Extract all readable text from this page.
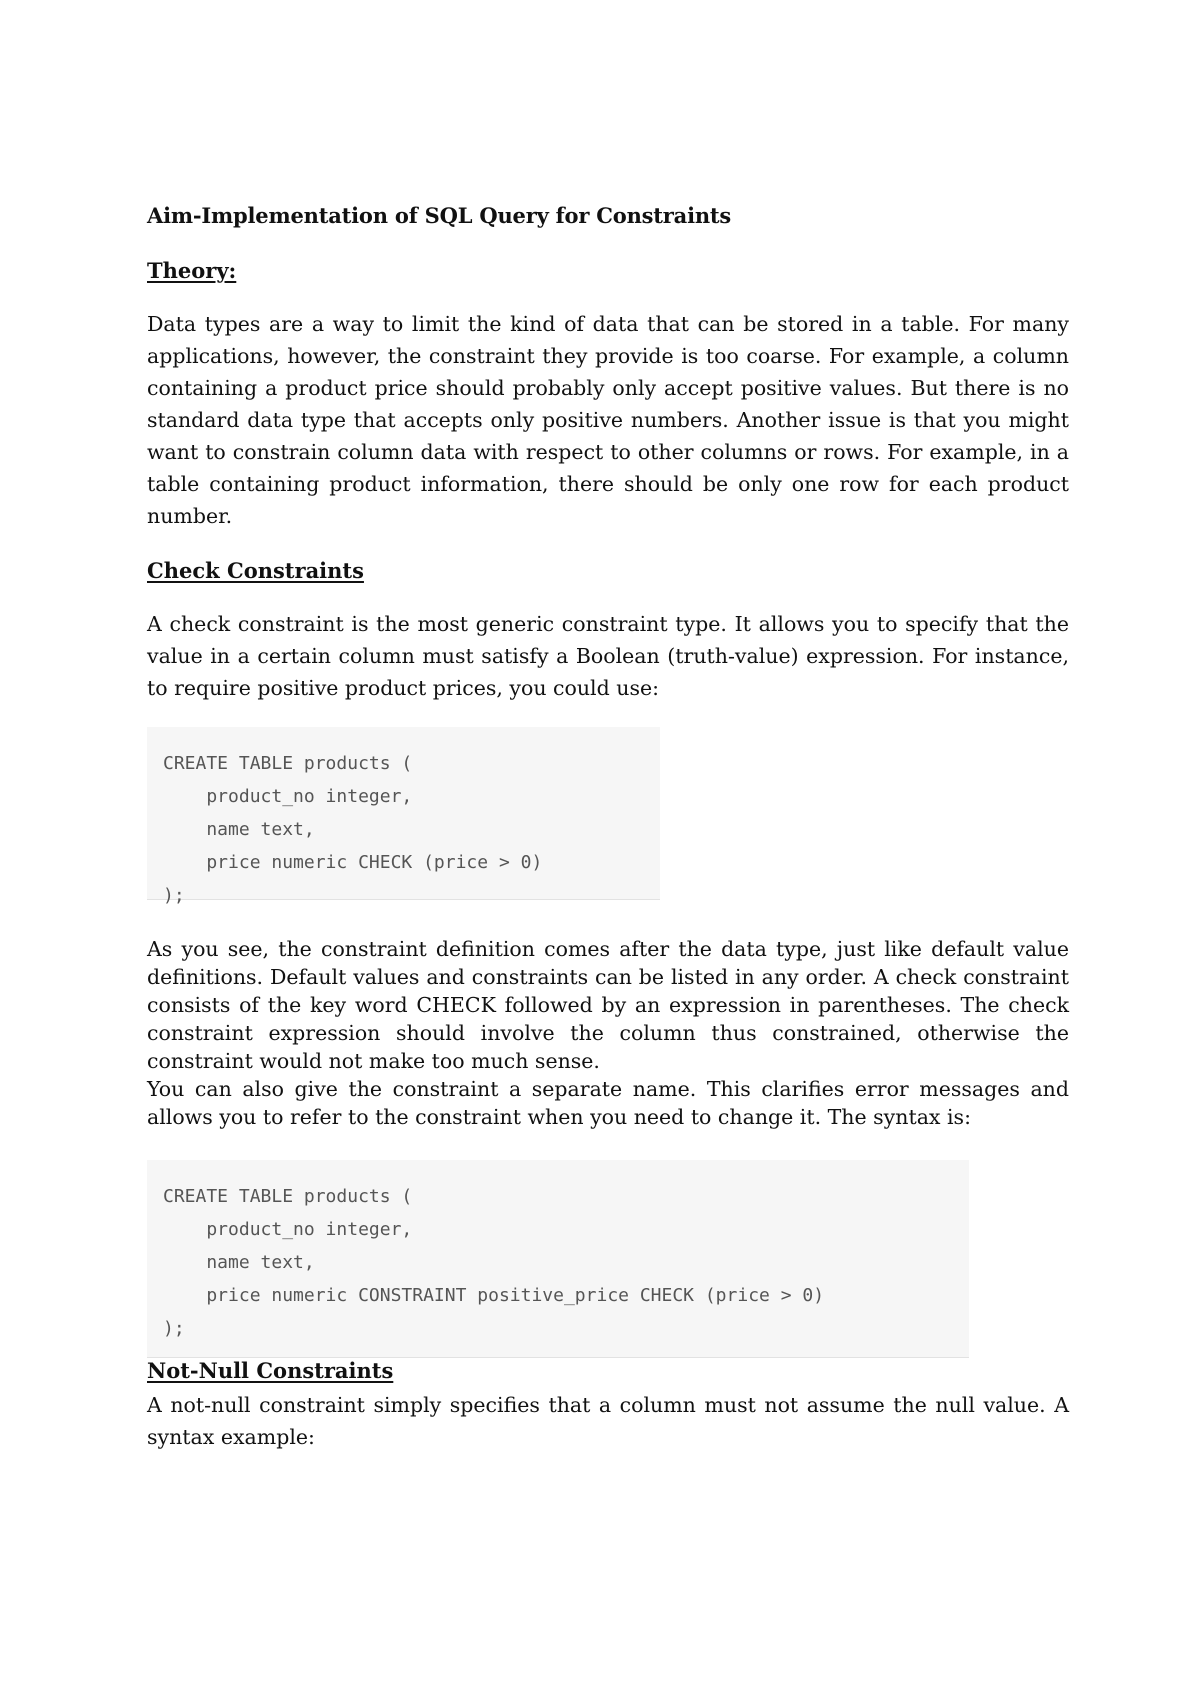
Aim-Implementation of SQL Query for Constraints
Theory:
Data types are a way to limit the kind of data that can be stored in a table. For many applications, however, the constraint they provide is too coarse. For example, a column containing a product price should probably only accept positive values. But there is no standard data type that accepts only positive numbers. Another issue is that you might want to constrain column data with respect to other columns or rows. For example, in a table containing product information, there should be only one row for each product number.
Check Constraints
A check constraint is the most generic constraint type. It allows you to specify that the value in a certain column must satisfy a Boolean (truth-value) expression. For instance, to require positive product prices, you could use:
CREATE TABLE products (
product_no integer,
name text,
price numeric CHECK (price > 0)
);
As you see, the constraint definition comes after the data type, just like default value definitions. Default values and constraints can be listed in any order. A check constraint consists of the key word CHECK followed by an expression in parentheses. The check constraint expression should involve the column thus constrained, otherwise the constraint would not make too much sense.
You can also give the constraint a separate name. This clarifies error messages and allows you to refer to the constraint when you need to change it. The syntax is:
CREATE TABLE products (
product_no integer,
name text,
price numeric CONSTRAINT positive_price CHECK (price > 0)
);
Not-Null Constraints
A not-null constraint simply specifies that a column must not assume the null value. A syntax example:
